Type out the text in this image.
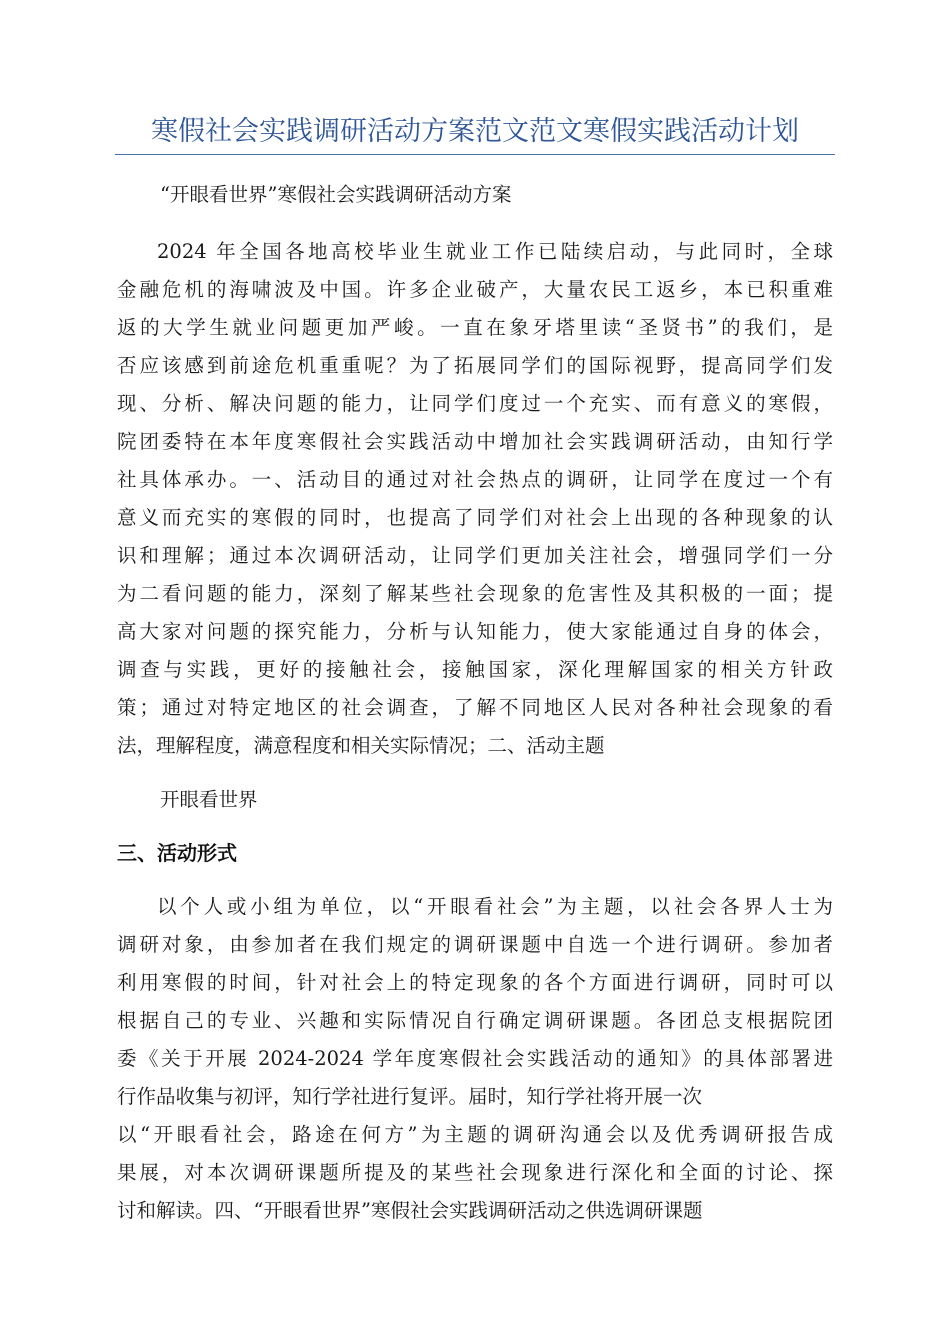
寒假社会实践调研活动方案范文范文寒假实践活动计划
“开眼看世界”寒假社会实践调研活动方案
2024 年全国各地高校毕业生就业工作已陆续启动，与此同时，全球
金融危机的海啸波及中国。许多企业破产，大量农民工返乡，本已积重难
返的大学生就业问题更加严峻。一直在象牙塔里读“圣贤书”的我们，是
否应该感到前途危机重重呢？为了拓展同学们的国际视野，提高同学们发
现、分析、解决问题的能力，让同学们度过一个充实、而有意义的寒假，
院团委特在本年度寒假社会实践活动中增加社会实践调研活动，由知行学
社具体承办。一、活动目的通过对社会热点的调研，让同学在度过一个有
意义而充实的寒假的同时，也提高了同学们对社会上出现的各种现象的认
识和理解；通过本次调研活动，让同学们更加关注社会，增强同学们一分
为二看问题的能力，深刻了解某些社会现象的危害性及其积极的一面；提
高大家对问题的探究能力，分析与认知能力，使大家能通过自身的体会，
调查与实践，更好的接触社会，接触国家，深化理解国家的相关方针政
策；通过对特定地区的社会调查，了解不同地区人民对各种社会现象的看
法，理解程度，满意程度和相关实际情况；二、活动主题
开眼看世界
三、活动形式
以个人或小组为单位，以“开眼看社会”为主题，以社会各界人士为
调研对象，由参加者在我们规定的调研课题中自选一个进行调研。参加者
利用寒假的时间，针对社会上的特定现象的各个方面进行调研，同时可以
根据自己的专业、兴趣和实际情况自行确定调研课题。各团总支根据院团
委《关于开展 2024-2024 学年度寒假社会实践活动的通知》的具体部署进
行作品收集与初评，知行学社进行复评。届时，知行学社将开展一次
以“开眼看社会，路途在何方”为主题的调研沟通会以及优秀调研报告成
果展，对本次调研课题所提及的某些社会现象进行深化和全面的讨论、探
讨和解读。四、“开眼看世界”寒假社会实践调研活动之供选调研课题
